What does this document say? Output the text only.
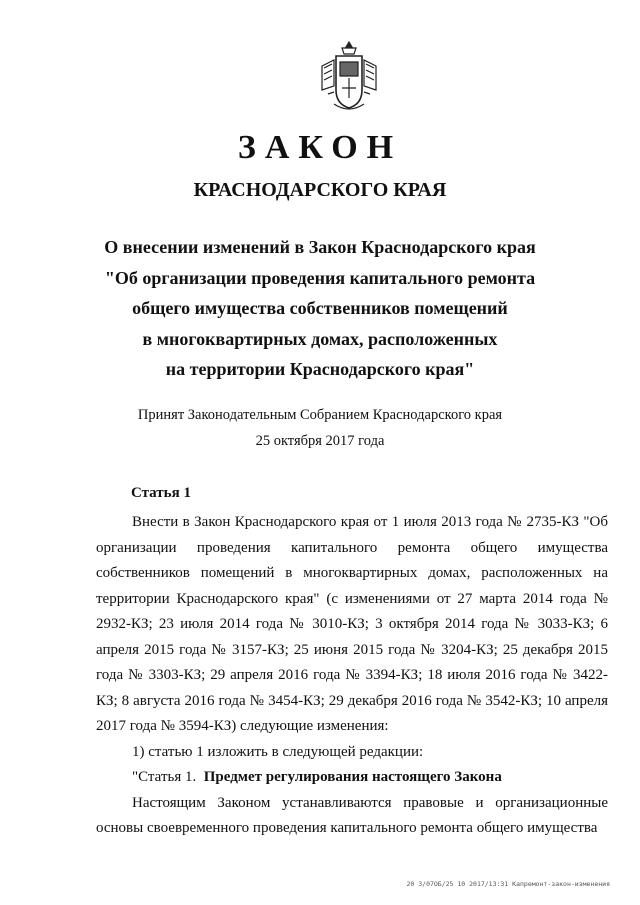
ЗАКОН
КРАСНОДАРСКОГО КРАЯ
О внесении изменений в Закон Краснодарского края
"Об организации проведения капитального ремонта
общего имущества собственников помещений
в многоквартирных домах, расположенных
на территории Краснодарского края"
Принят Законодательным Собранием Краснодарского края
25 октября 2017 года
Статья 1

Внести в Закон Краснодарского края от 1 июля 2013 года № 2735-КЗ "Об организации проведения капитального ремонта общего имущества собственников помещений в многоквартирных домах, расположенных на территории Краснодарского края" (с изменениями от 27 марта 2014 года № 2932-КЗ; 23 июля 2014 года № 3010-КЗ; 3 октября 2014 года № 3033-КЗ; 6 апреля 2015 года № 3157-КЗ; 25 июня 2015 года № 3204-КЗ; 25 декабря 2015 года № 3303-КЗ; 29 апреля 2016 года № 3394-КЗ; 18 июля 2016 года № 3422-КЗ; 8 августа 2016 года № 3454-КЗ; 29 декабря 2016 года № 3542-КЗ; 10 апреля 2017 года № 3594-КЗ) следующие изменения:

1) статью 1 изложить в следующей редакции:

"Статья 1. Предмет регулирования настоящего Закона

Настоящим Законом устанавливаются правовые и организационные основы своевременного проведения капитального ремонта общего имущества

20 3/07ОБ/25 10 2017/13:31 Капремонт-закон-изменения
